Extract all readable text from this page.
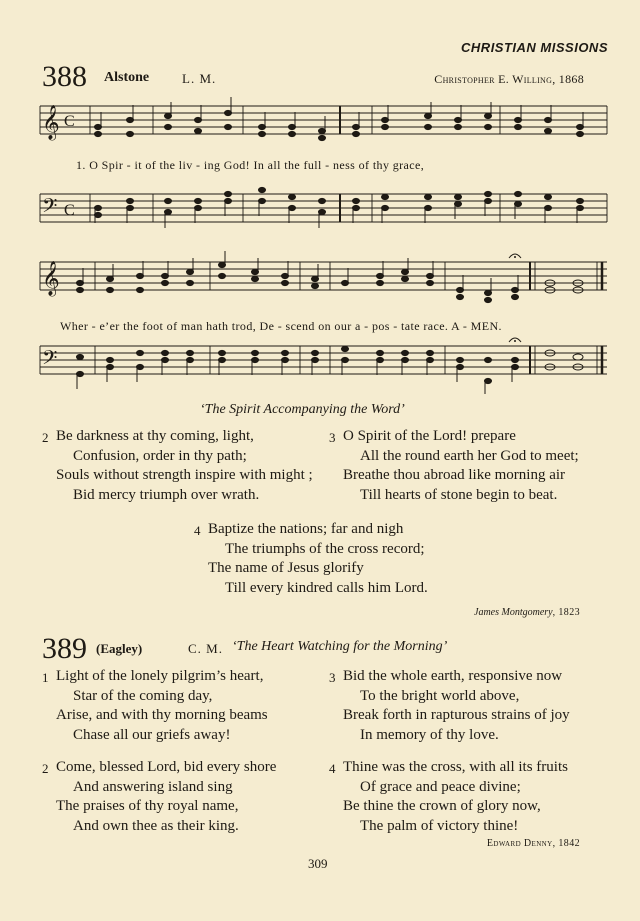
CHRISTIAN MISSIONS
388 Alstone	L. M.	Christopher E. Willing, 1868
𝄞 C
𝄢 C
1. O Spir - it of the liv - ing God! In all the full - ness of thy grace,
𝄞
𝄢
Wher - e’er the foot of man hath trod, De - scend on our a - pos - tate race. A - MEN.
‘The Spirit Accompanying the Word’
2 Be darkness at thy coming, light,
Confusion, order in thy path;
Souls without strength inspire with might ;
Bid mercy triumph over wrath.
3 O Spirit of the Lord! prepare
All the round earth her God to meet;
Breathe thou abroad like morning air
Till hearts of stone begin to beat.
4 Baptize the nations; far and nigh
The triumphs of the cross record;
The name of Jesus glorify
Till every kindred calls him Lord.
James Montgomery, 1823
389 (Eagley)	C. M. ‘The Heart Watching for the Morning’
1 Light of the lonely pilgrim’s heart,
Star of the coming day,
Arise, and with thy morning beams
Chase all our griefs away!
3 Bid the whole earth, responsive now
To the bright world above,
Break forth in rapturous strains of joy
In memory of thy love.
2 Come, blessed Lord, bid every shore
And answering island sing
The praises of thy royal name,
And own thee as their king.
4 Thine was the cross, with all its fruits
Of grace and peace divine;
Be thine the crown of glory now,
The palm of victory thine!
Edward Denny, 1842
309
